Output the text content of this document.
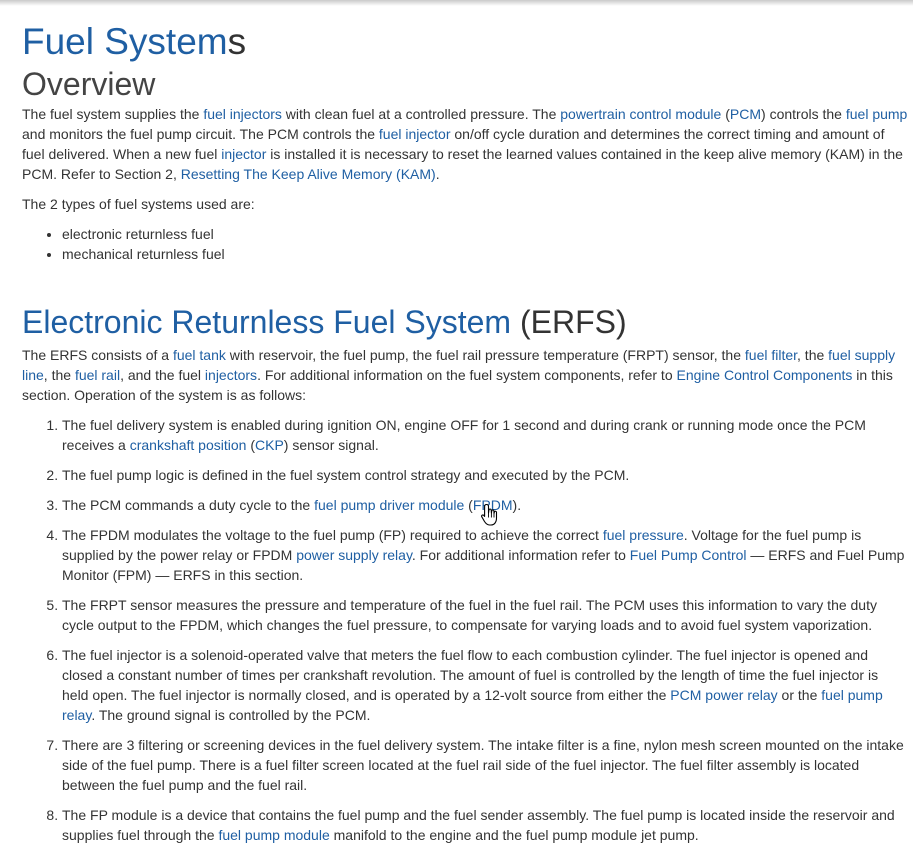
Fuel Systems
Overview

The fuel system supplies the fuel injectors with clean fuel at a controlled pressure. The powertrain control module (PCM) controls the fuel pump and monitors the fuel pump circuit. The PCM controls the fuel injector on/off cycle duration and determines the correct timing and amount of fuel delivered. When a new fuel injector is installed it is necessary to reset the learned values contained in the keep alive memory (KAM) in the PCM. Refer to Section 2, Resetting The Keep Alive Memory (KAM).

The 2 types of fuel systems used are:

• electronic returnless fuel
• mechanical returnless fuel
Electronic Returnless Fuel System (ERFS)

The ERFS consists of a fuel tank with reservoir, the fuel pump, the fuel rail pressure temperature (FRPT) sensor, the fuel filter, the fuel supply line, the fuel rail, and the fuel injectors. For additional information on the fuel system components, refer to Engine Control Components in this section. Operation of the system is as follows:

1. The fuel delivery system is enabled during ignition ON, engine OFF for 1 second and during crank or running mode once the PCM receives a crankshaft position (CKP) sensor signal.
2. The fuel pump logic is defined in the fuel system control strategy and executed by the PCM.
3. The PCM commands a duty cycle to the fuel pump driver module (FPDM).
4. The FPDM modulates the voltage to the fuel pump (FP) required to achieve the correct fuel pressure. Voltage for the fuel pump is supplied by the power relay or FPDM power supply relay. For additional information refer to Fuel Pump Control — ERFS and Fuel Pump Monitor (FPM) — ERFS in this section.
5. The FRPT sensor measures the pressure and temperature of the fuel in the fuel rail. The PCM uses this information to vary the duty cycle output to the FPDM, which changes the fuel pressure, to compensate for varying loads and to avoid fuel system vaporization.
6. The fuel injector is a solenoid-operated valve that meters the fuel flow to each combustion cylinder. The fuel injector is opened and closed a constant number of times per crankshaft revolution. The amount of fuel is controlled by the length of time the fuel injector is held open. The fuel injector is normally closed, and is operated by a 12-volt source from either the PCM power relay or the fuel pump relay. The ground signal is controlled by the PCM.
7. There are 3 filtering or screening devices in the fuel delivery system. The intake filter is a fine, nylon mesh screen mounted on the intake side of the fuel pump. There is a fuel filter screen located at the fuel rail side of the fuel injector. The fuel filter assembly is located between the fuel pump and the fuel rail.
8. The FP module is a device that contains the fuel pump and the fuel sender assembly. The fuel pump is located inside the reservoir and supplies fuel through the fuel pump module manifold to the engine and the fuel pump module jet pump.
